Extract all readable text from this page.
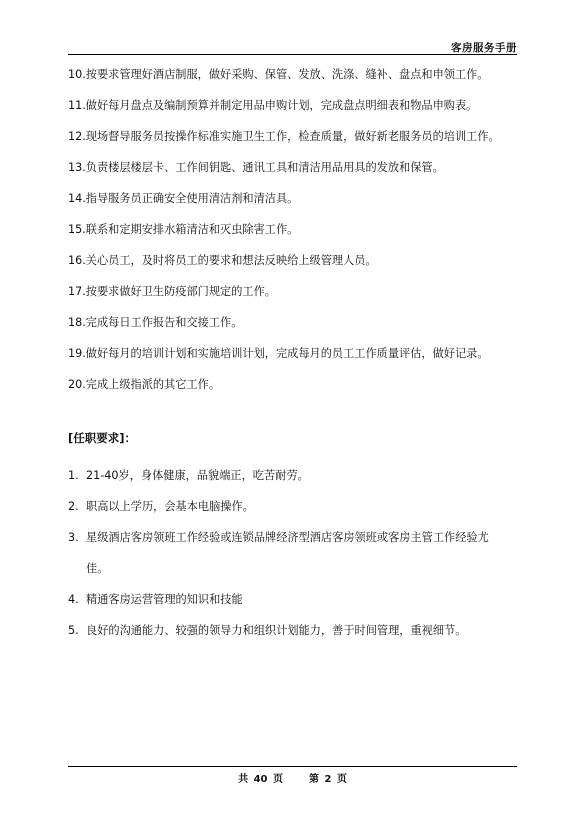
客房服务手册
10.按要求管理好酒店制服，做好采购、保管、发放、洗涤、缝补、盘点和申领工作。
11.做好每月盘点及编制预算并制定用品申购计划，完成盘点明细表和物品申购表。
12.现场督导服务员按操作标准实施卫生工作，检查质量，做好新老服务员的培训工作。
13.负责楼层楼层卡、工作间钥匙、通讯工具和清洁用品用具的发放和保管。
14.指导服务员正确安全使用清洁剂和清洁具。
15.联系和定期安排水箱清洁和灭虫除害工作。
16.关心员工，及时将员工的要求和想法反映给上级管理人员。
17.按要求做好卫生防疫部门规定的工作。
18.完成每日工作报告和交接工作。
19.做好每月的培训计划和实施培训计划，完成每月的员工工作质量评估，做好记录。
20.完成上级指派的其它工作。
[任职要求]：
1. 21-40岁，身体健康，品貌端正，吃苦耐劳。
2. 职高以上学历，会基本电脑操作。
3. 星级酒店客房领班工作经验或连锁品牌经济型酒店客房领班或客房主管工作经验尤
佳。
4. 精通客房运营管理的知识和技能
5. 良好的沟通能力、较强的领导力和组织计划能力，善于时间管理，重视细节。
共 40 页	第 2 页
